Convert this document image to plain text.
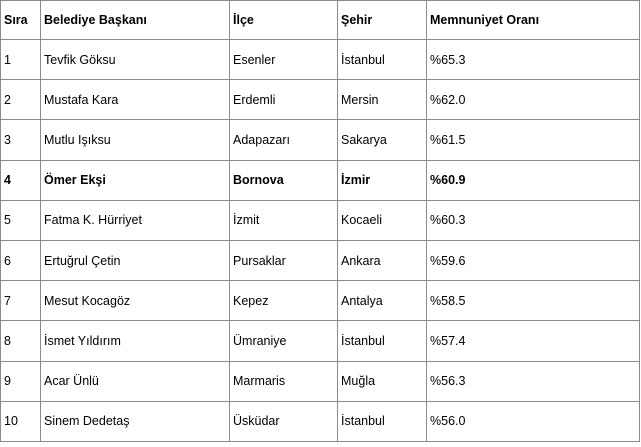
Sıra	Belediye Başkanı	İlçe	Şehir	Memnuniyet Oranı
1	Tevfik Göksu	Esenler	İstanbul	%65.3
2	Mustafa Kara	Erdemli	Mersin	%62.0
3	Mutlu Işıksu	Adapazarı	Sakarya	%61.5
4	Ömer Ekşi	Bornova	İzmir	%60.9
5	Fatma K. Hürriyet	İzmit	Kocaeli	%60.3
6	Ertuğrul Çetin	Pursaklar	Ankara	%59.6
7	Mesut Kocagöz	Kepez	Antalya	%58.5
8	İsmet Yıldırım	Ümraniye	İstanbul	%57.4
9	Acar Ünlü	Marmaris	Muğla	%56.3
10	Sinem Dedetaş	Üsküdar	İstanbul	%56.0
